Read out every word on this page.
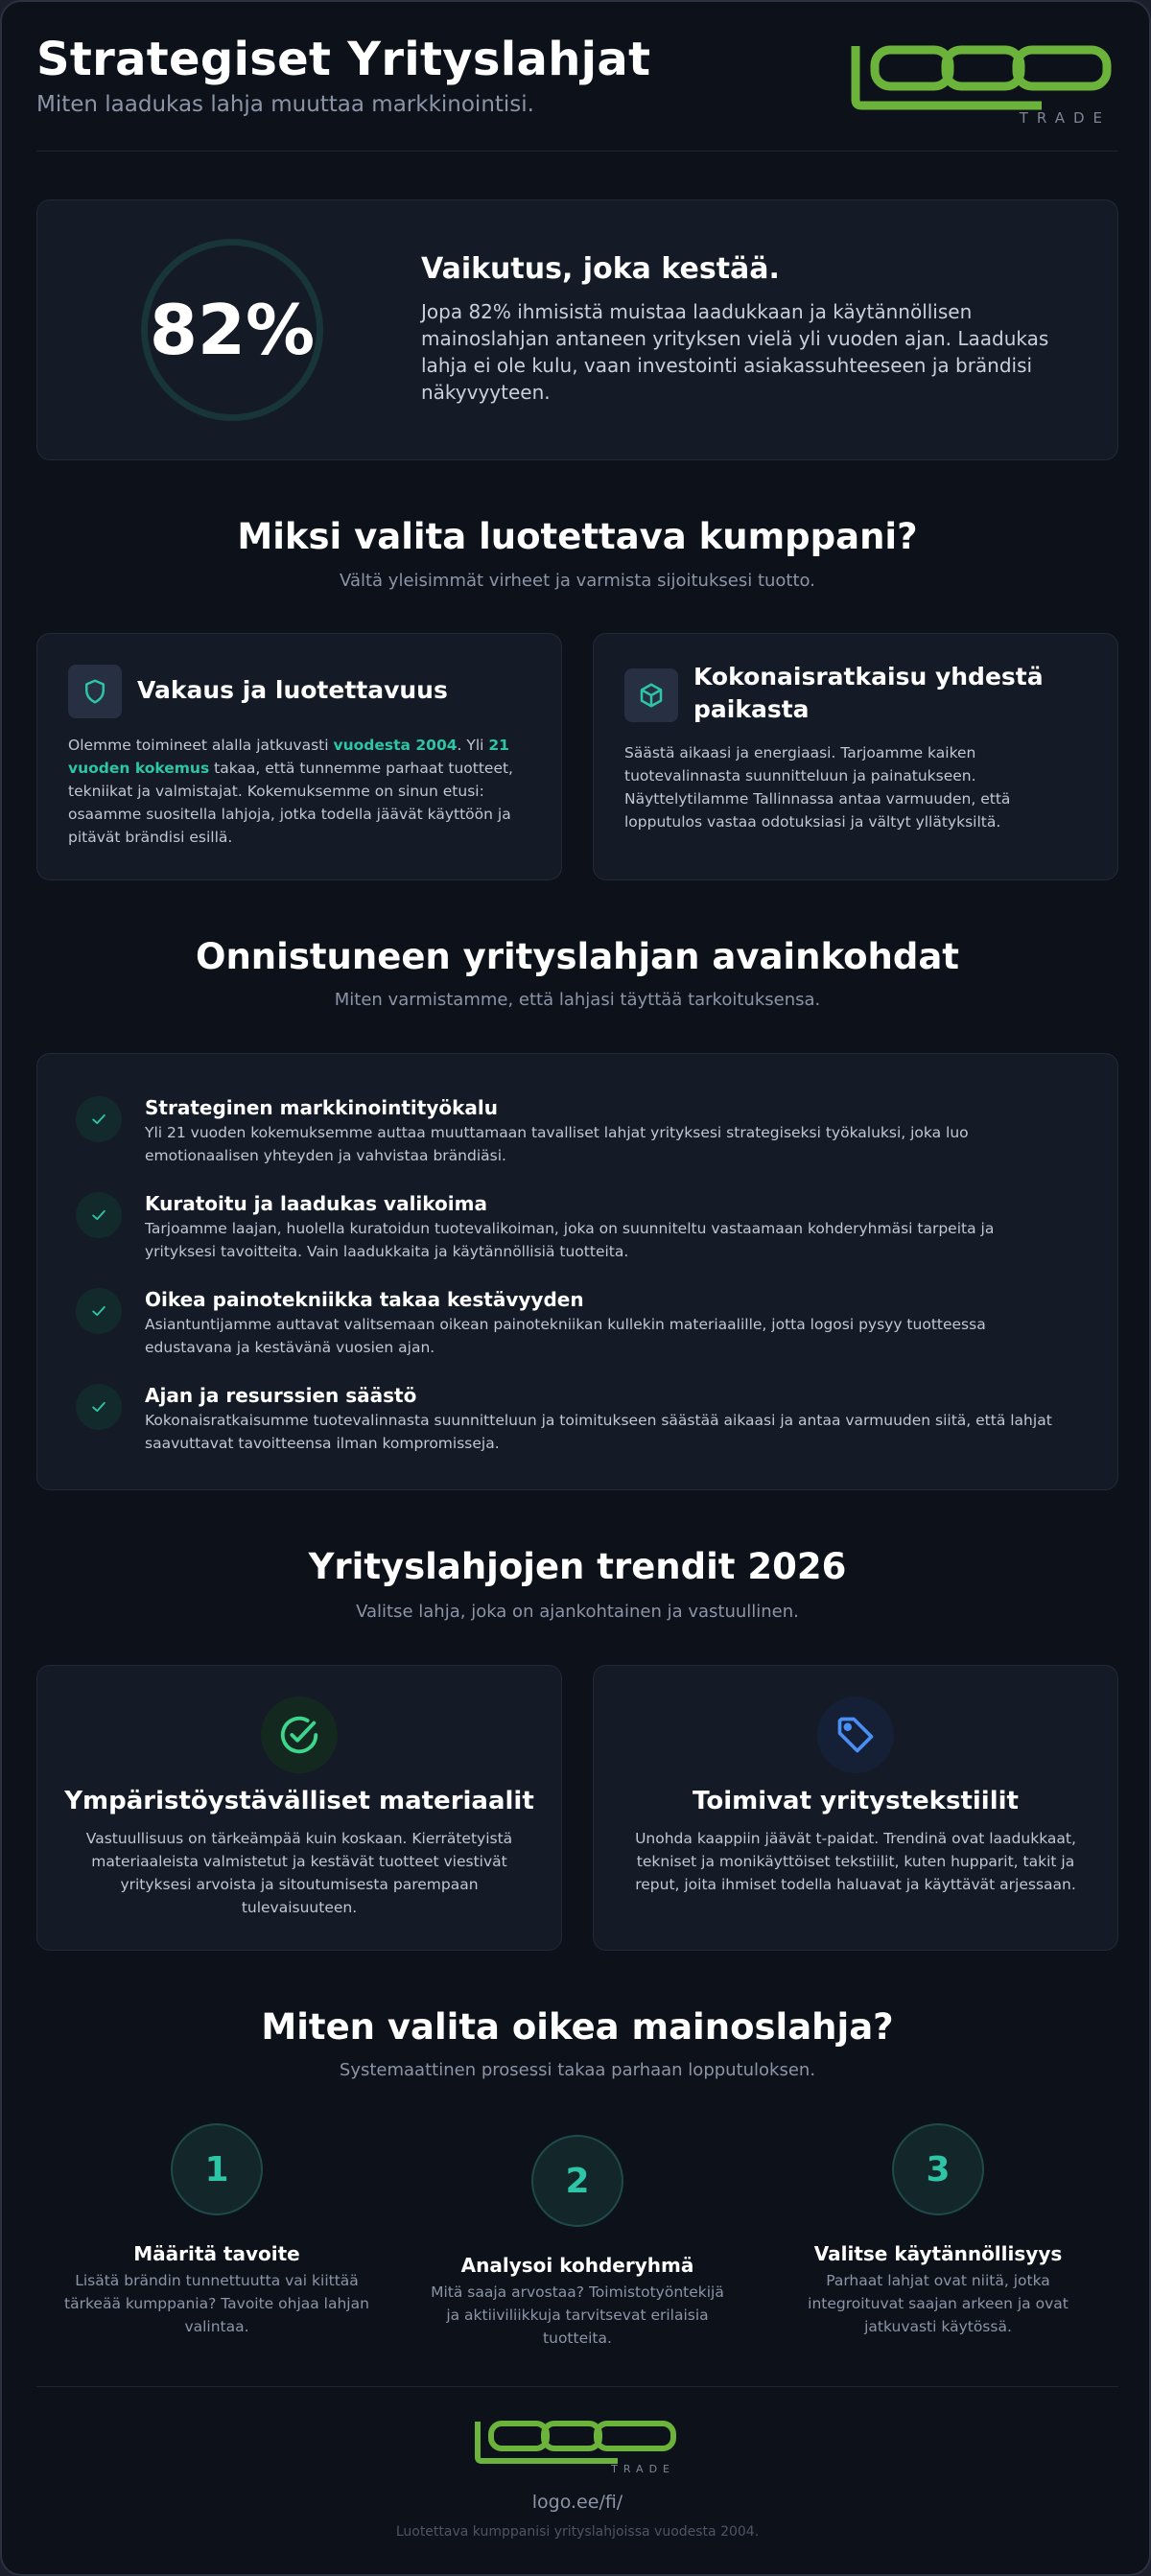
Strategiset Yrityslahjat
Miten laadukas lahja muuttaa markkinointisi.
TRADE
82%
Vaikutus, joka kestää.
Jopa 82% ihmisistä muistaa laadukkaan ja käytännöllisen mainoslahjan antaneen yrityksen vielä yli vuoden ajan. Laadukas lahja ei ole kulu, vaan investointi asiakassuhteeseen ja brändisi näkyvyyteen.
Miksi valita luotettava kumppani?
Vältä yleisimmät virheet ja varmista sijoituksesi tuotto.
Vakaus ja luotettavuus
Olemme toimineet alalla jatkuvasti vuodesta 2004. Yli 21 vuoden kokemus takaa, että tunnemme parhaat tuotteet, tekniikat ja valmistajat. Kokemuksemme on sinun etusi: osaamme suositella lahjoja, jotka todella jäävät käyttöön ja pitävät brändisi esillä.
Kokonaisratkaisu yhdestä paikasta
Säästä aikaasi ja energiaasi. Tarjoamme kaiken tuotevalinnasta suunnitteluun ja painatukseen. Näyttelytilamme Tallinnassa antaa varmuuden, että lopputulos vastaa odotuksiasi ja vältyt yllätyksiltä.
Onnistuneen yrityslahjan avainkohdat
Miten varmistamme, että lahjasi täyttää tarkoituksensa.
Strateginen markkinointityökalu
Yli 21 vuoden kokemuksemme auttaa muuttamaan tavalliset lahjat yrityksesi strategiseksi työkaluksi, joka luo emotionaalisen yhteyden ja vahvistaa brändiäsi.
Kuratoitu ja laadukas valikoima
Tarjoamme laajan, huolella kuratoidun tuotevalikoiman, joka on suunniteltu vastaamaan kohderyhmäsi tarpeita ja yrityksesi tavoitteita. Vain laadukkaita ja käytännöllisiä tuotteita.
Oikea painotekniikka takaa kestävyyden
Asiantuntijamme auttavat valitsemaan oikean painotekniikan kullekin materiaalille, jotta logosi pysyy tuotteessa edustavana ja kestävänä vuosien ajan.
Ajan ja resurssien säästö
Kokonaisratkaisumme tuotevalinnasta suunnitteluun ja toimitukseen säästää aikaasi ja antaa varmuuden siitä, että lahjat saavuttavat tavoitteensa ilman kompromisseja.
Yrityslahjojen trendit 2026
Valitse lahja, joka on ajankohtainen ja vastuullinen.
Ympäristöystävälliset materiaalit
Vastuullisuus on tärkeämpää kuin koskaan. Kierrätetyistä materiaaleista valmistetut ja kestävät tuotteet viestivät yrityksesi arvoista ja sitoutumisesta parempaan tulevaisuuteen.
Toimivat yritystekstiilit
Unohda kaappiin jäävät t-paidat. Trendinä ovat laadukkaat, tekniset ja monikäyttöiset tekstiilit, kuten hupparit, takit ja reput, joita ihmiset todella haluavat ja käyttävät arjessaan.
Miten valita oikea mainoslahja?
Systemaattinen prosessi takaa parhaan lopputuloksen.
1
Määritä tavoite
Lisätä brändin tunnettuutta vai kiittää tärkeää kumppania? Tavoite ohjaa lahjan valintaa.
2
Analysoi kohderyhmä
Mitä saaja arvostaa? Toimistotyöntekijä ja aktiiviliikkuja tarvitsevat erilaisia tuotteita.
3
Valitse käytännöllisyys
Parhaat lahjat ovat niitä, jotka integroituvat saajan arkeen ja ovat jatkuvasti käytössä.
TRADE
logo.ee/fi/
Luotettava kumppanisi yrityslahjoissa vuodesta 2004.
